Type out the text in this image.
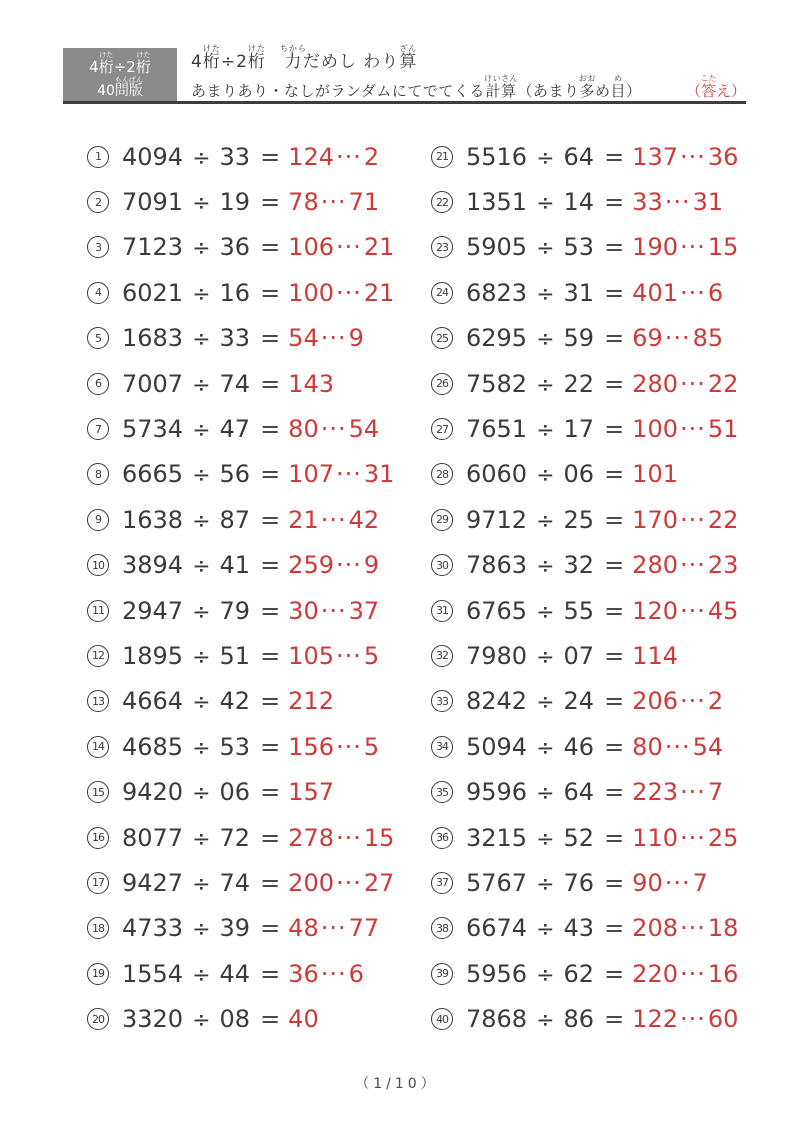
4桁けた÷2桁けた
40問版もんばん
4桁けた÷2桁けた　力ちからだめし わり算ざん
あまりあり・なしがランダムにてでてくる計算けいさん（あまり多おおめ目め）	（答こたえ）
1 4094 ÷ 33 = 124···2
2 7091 ÷ 19 = 78···71
3 7123 ÷ 36 = 106···21
4 6021 ÷ 16 = 100···21
5 1683 ÷ 33 = 54···9
6 7007 ÷ 74 = 143
7 5734 ÷ 47 = 80···54
8 6665 ÷ 56 = 107···31
9 1638 ÷ 87 = 21···42
10 3894 ÷ 41 = 259···9
11 2947 ÷ 79 = 30···37
12 1895 ÷ 51 = 105···5
13 4664 ÷ 42 = 212
14 4685 ÷ 53 = 156···5
15 9420 ÷ 06 = 157
16 8077 ÷ 72 = 278···15
17 9427 ÷ 74 = 200···27
18 4733 ÷ 39 = 48···77
19 1554 ÷ 44 = 36···6
20 3320 ÷ 08 = 40
21 5516 ÷ 64 = 137···36
22 1351 ÷ 14 = 33···31
23 5905 ÷ 53 = 190···15
24 6823 ÷ 31 = 401···6
25 6295 ÷ 59 = 69···85
26 7582 ÷ 22 = 280···22
27 7651 ÷ 17 = 100···51
28 6060 ÷ 06 = 101
29 9712 ÷ 25 = 170···22
30 7863 ÷ 32 = 280···23
31 6765 ÷ 55 = 120···45
32 7980 ÷ 07 = 114
33 8242 ÷ 24 = 206···2
34 5094 ÷ 46 = 80···54
35 9596 ÷ 64 = 223···7
36 3215 ÷ 52 = 110···25
37 5767 ÷ 76 = 90···7
38 6674 ÷ 43 = 208···18
39 5956 ÷ 62 = 220···16
40 7868 ÷ 86 = 122···60
（1/10）
